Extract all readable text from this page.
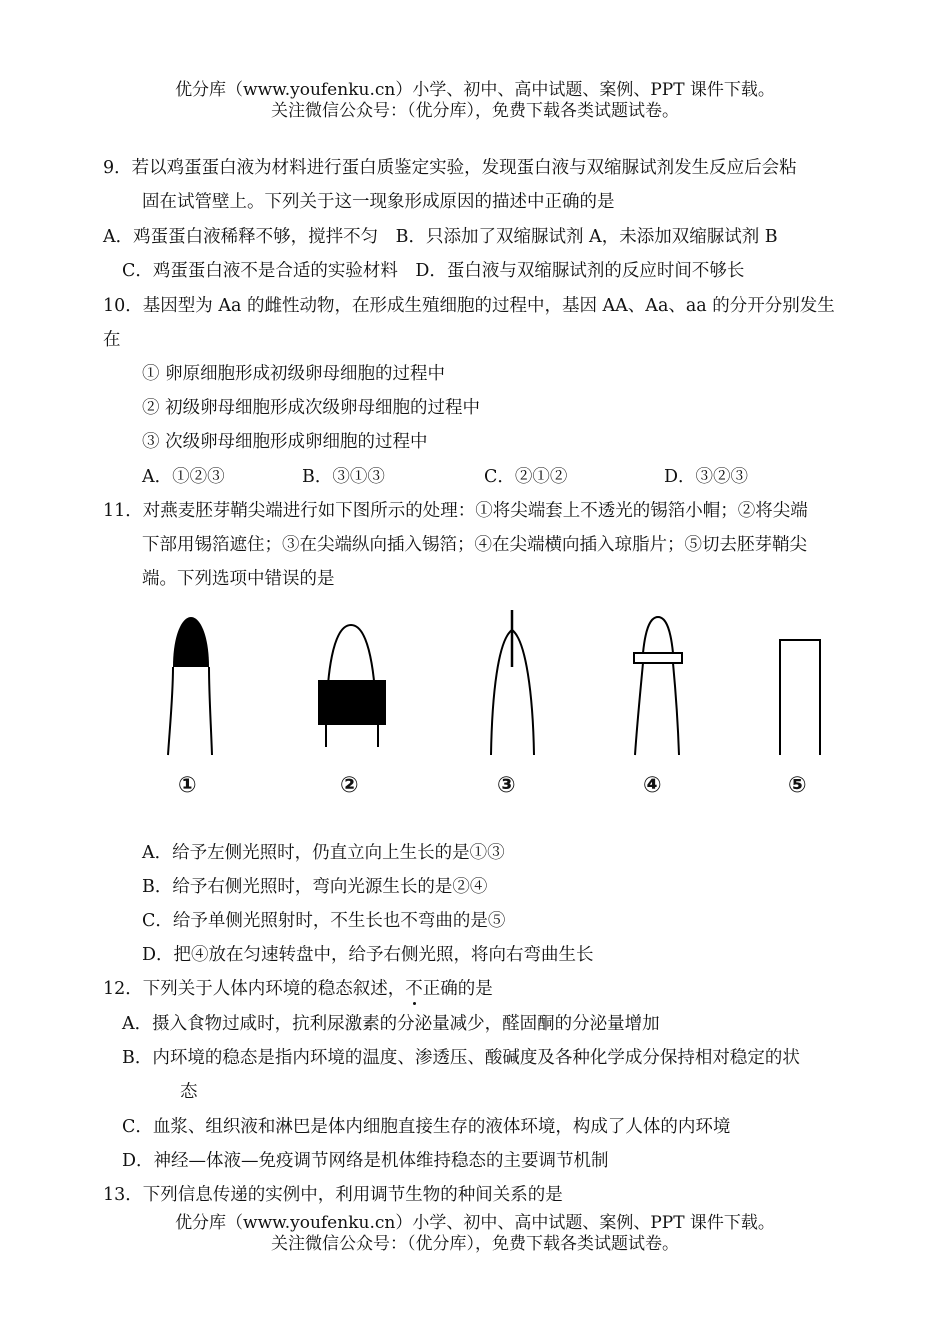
优分库（www.youfenku.cn）小学、初中、高中试题、案例、PPT 课件下载。
关注微信公众号：（优分库），免费下载各类试题试卷。
9．若以鸡蛋蛋白液为材料进行蛋白质鉴定实验，发现蛋白液与双缩脲试剂发生反应后会粘
固在试管壁上。下列关于这一现象形成原因的描述中正确的是
A．鸡蛋蛋白液稀释不够，搅拌不匀　B．只添加了双缩脲试剂 A，未添加双缩脲试剂 B
C．鸡蛋蛋白液不是合适的实验材料　D．蛋白液与双缩脲试剂的反应时间不够长
10．基因型为 Aa 的雌性动物，在形成生殖细胞的过程中，基因 AA、Aa、aa 的分开分别发生
在
① 卵原细胞形成初级卵母细胞的过程中
② 初级卵母细胞形成次级卵母细胞的过程中
③ 次级卵母细胞形成卵细胞的过程中
A．①②③	B．③①③	C．②①②	D．③②③
11．对燕麦胚芽鞘尖端进行如下图所示的处理：①将尖端套上不透光的锡箔小帽；②将尖端
下部用锡箔遮住；③在尖端纵向插入锡箔；④在尖端横向插入琼脂片；⑤切去胚芽鞘尖
端。下列选项中错误的是
①	②	③	④	⑤
A．给予左侧光照时，仍直立向上生长的是①③
B．给予右侧光照时，弯向光源生长的是②④
C．给予单侧光照射时，不生长也不弯曲的是⑤
D．把④放在匀速转盘中，给予右侧光照，将向右弯曲生长
12．下列关于人体内环境的稳态叙述，不正确的是
A．摄入食物过咸时，抗利尿激素的分泌量减少，醛固酮的分泌量增加
B．内环境的稳态是指内环境的温度、渗透压、酸碱度及各种化学成分保持相对稳定的状
态
C．血浆、组织液和淋巴是体内细胞直接生存的液体环境，构成了人体的内环境
D．神经—体液—免疫调节网络是机体维持稳态的主要调节机制
13．下列信息传递的实例中，利用调节生物的种间关系的是
优分库（www.youfenku.cn）小学、初中、高中试题、案例、PPT 课件下载。
关注微信公众号：（优分库），免费下载各类试题试卷。
